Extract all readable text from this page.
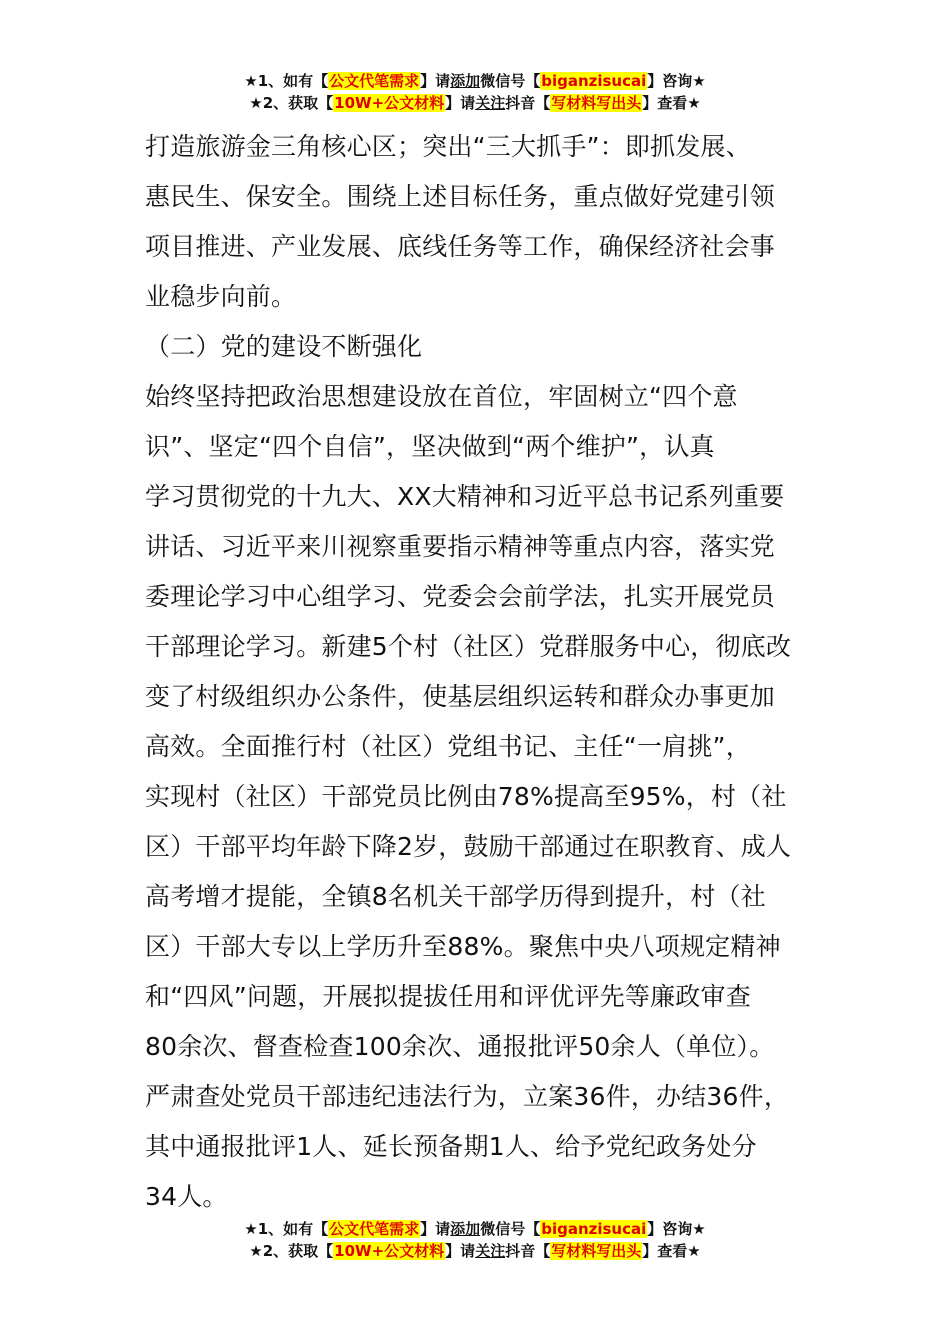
★1、如有【公文代笔需求】请添加微信号【biganzisucai】咨询★
★2、获取【10W+公文材料】请关注抖音【写材料写出头】查看★
打造旅游金三角核心区；突出“三大抓手”：即抓发展、
惠民生、保安全。围绕上述目标任务，重点做好党建引领
项目推进、产业发展、底线任务等工作，确保经济社会事
业稳步向前。
（二）党的建设不断强化
始终坚持把政治思想建设放在首位，牢固树立“四个意
识”、坚定“四个自信”，坚决做到“两个维护”，认真
学习贯彻党的十九大、XX大精神和习近平总书记系列重要
讲话、习近平来川视察重要指示精神等重点内容，落实党
委理论学习中心组学习、党委会会前学法，扎实开展党员
干部理论学习。新建5个村（社区）党群服务中心，彻底改
变了村级组织办公条件，使基层组织运转和群众办事更加
高效。全面推行村（社区）党组书记、主任“一肩挑”，
实现村（社区）干部党员比例由78%提高至95%，村（社
区）干部平均年龄下降2岁，鼓励干部通过在职教育、成人
高考增才提能，全镇8名机关干部学历得到提升，村（社
区）干部大专以上学历升至88%。聚焦中央八项规定精神
和“四风”问题，开展拟提拔任用和评优评先等廉政审查
80余次、督查检查100余次、通报批评50余人（单位）。
严肃查处党员干部违纪违法行为，立案36件，办结36件，
其中通报批评1人、延长预备期1人、给予党纪政务处分
34人。
★1、如有【公文代笔需求】请添加微信号【biganzisucai】咨询★
★2、获取【10W+公文材料】请关注抖音【写材料写出头】查看★
